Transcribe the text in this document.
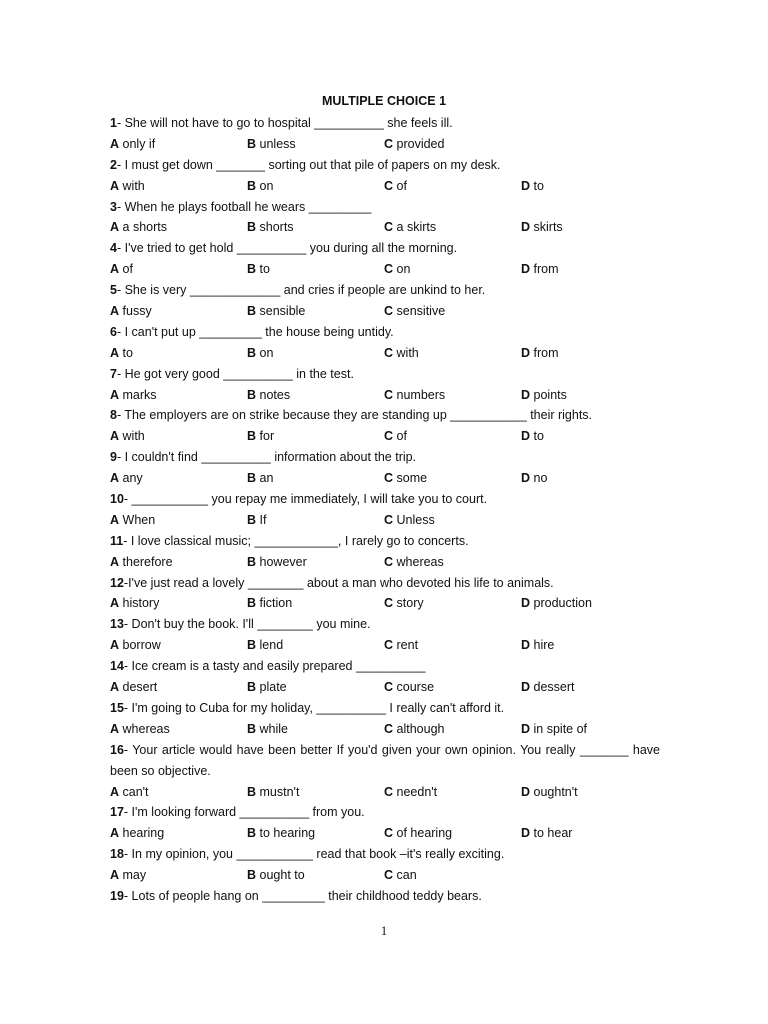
MULTIPLE CHOICE 1
1- She will not have to go to hospital __________ she feels ill.
A only if	B unless	C provided
2- I must get down _______ sorting out that pile of papers on my desk.
A with	B on	C of	D to
3- When he plays football he wears _________
A a shorts	B shorts	C a skirts	D skirts
4- I've tried to get hold __________ you during all the morning.
A of	B to	C on	D from
5- She is very _____________ and cries if people are unkind to her.
A fussy	B sensible	C sensitive
6- I can't put up _________ the house being untidy.
A to	B on	C with	D from
7- He got very good __________ in the test.
A marks	B notes	C numbers	D points
8- The employers are on strike because they are standing up ___________ their rights.
A with	B for	C of	D to
9- I couldn't find __________ information about the trip.
A any	B an	C some	D no
10- ___________ you repay me immediately, I will take you to court.
A When	B If	C Unless
11- I love classical music; ____________, I rarely go to concerts.
A therefore	B however	C whereas
12-I've just read a lovely ________ about a man who devoted his life to animals.
A history	B fiction	C story	D production
13- Don't buy the book. I'll ________ you mine.
A borrow	B lend	C rent	D hire
14- Ice cream is a tasty and easily prepared __________
A desert	B plate	C course	D dessert
15- I'm going to Cuba for my holiday, __________ I really can't afford it.
A whereas	B while	C although	D in spite of
16- Your article would have been better If you'd given your own opinion. You really _______ have been so objective.
A can't	B mustn't	C needn't	D oughtn't
17- I'm looking forward __________ from you.
A hearing	B to hearing	C of hearing	D to hear
18- In my opinion, you ___________ read that book –it's really exciting.
A may	B ought to	C can
19- Lots of people hang on _________ their childhood teddy bears.
1
